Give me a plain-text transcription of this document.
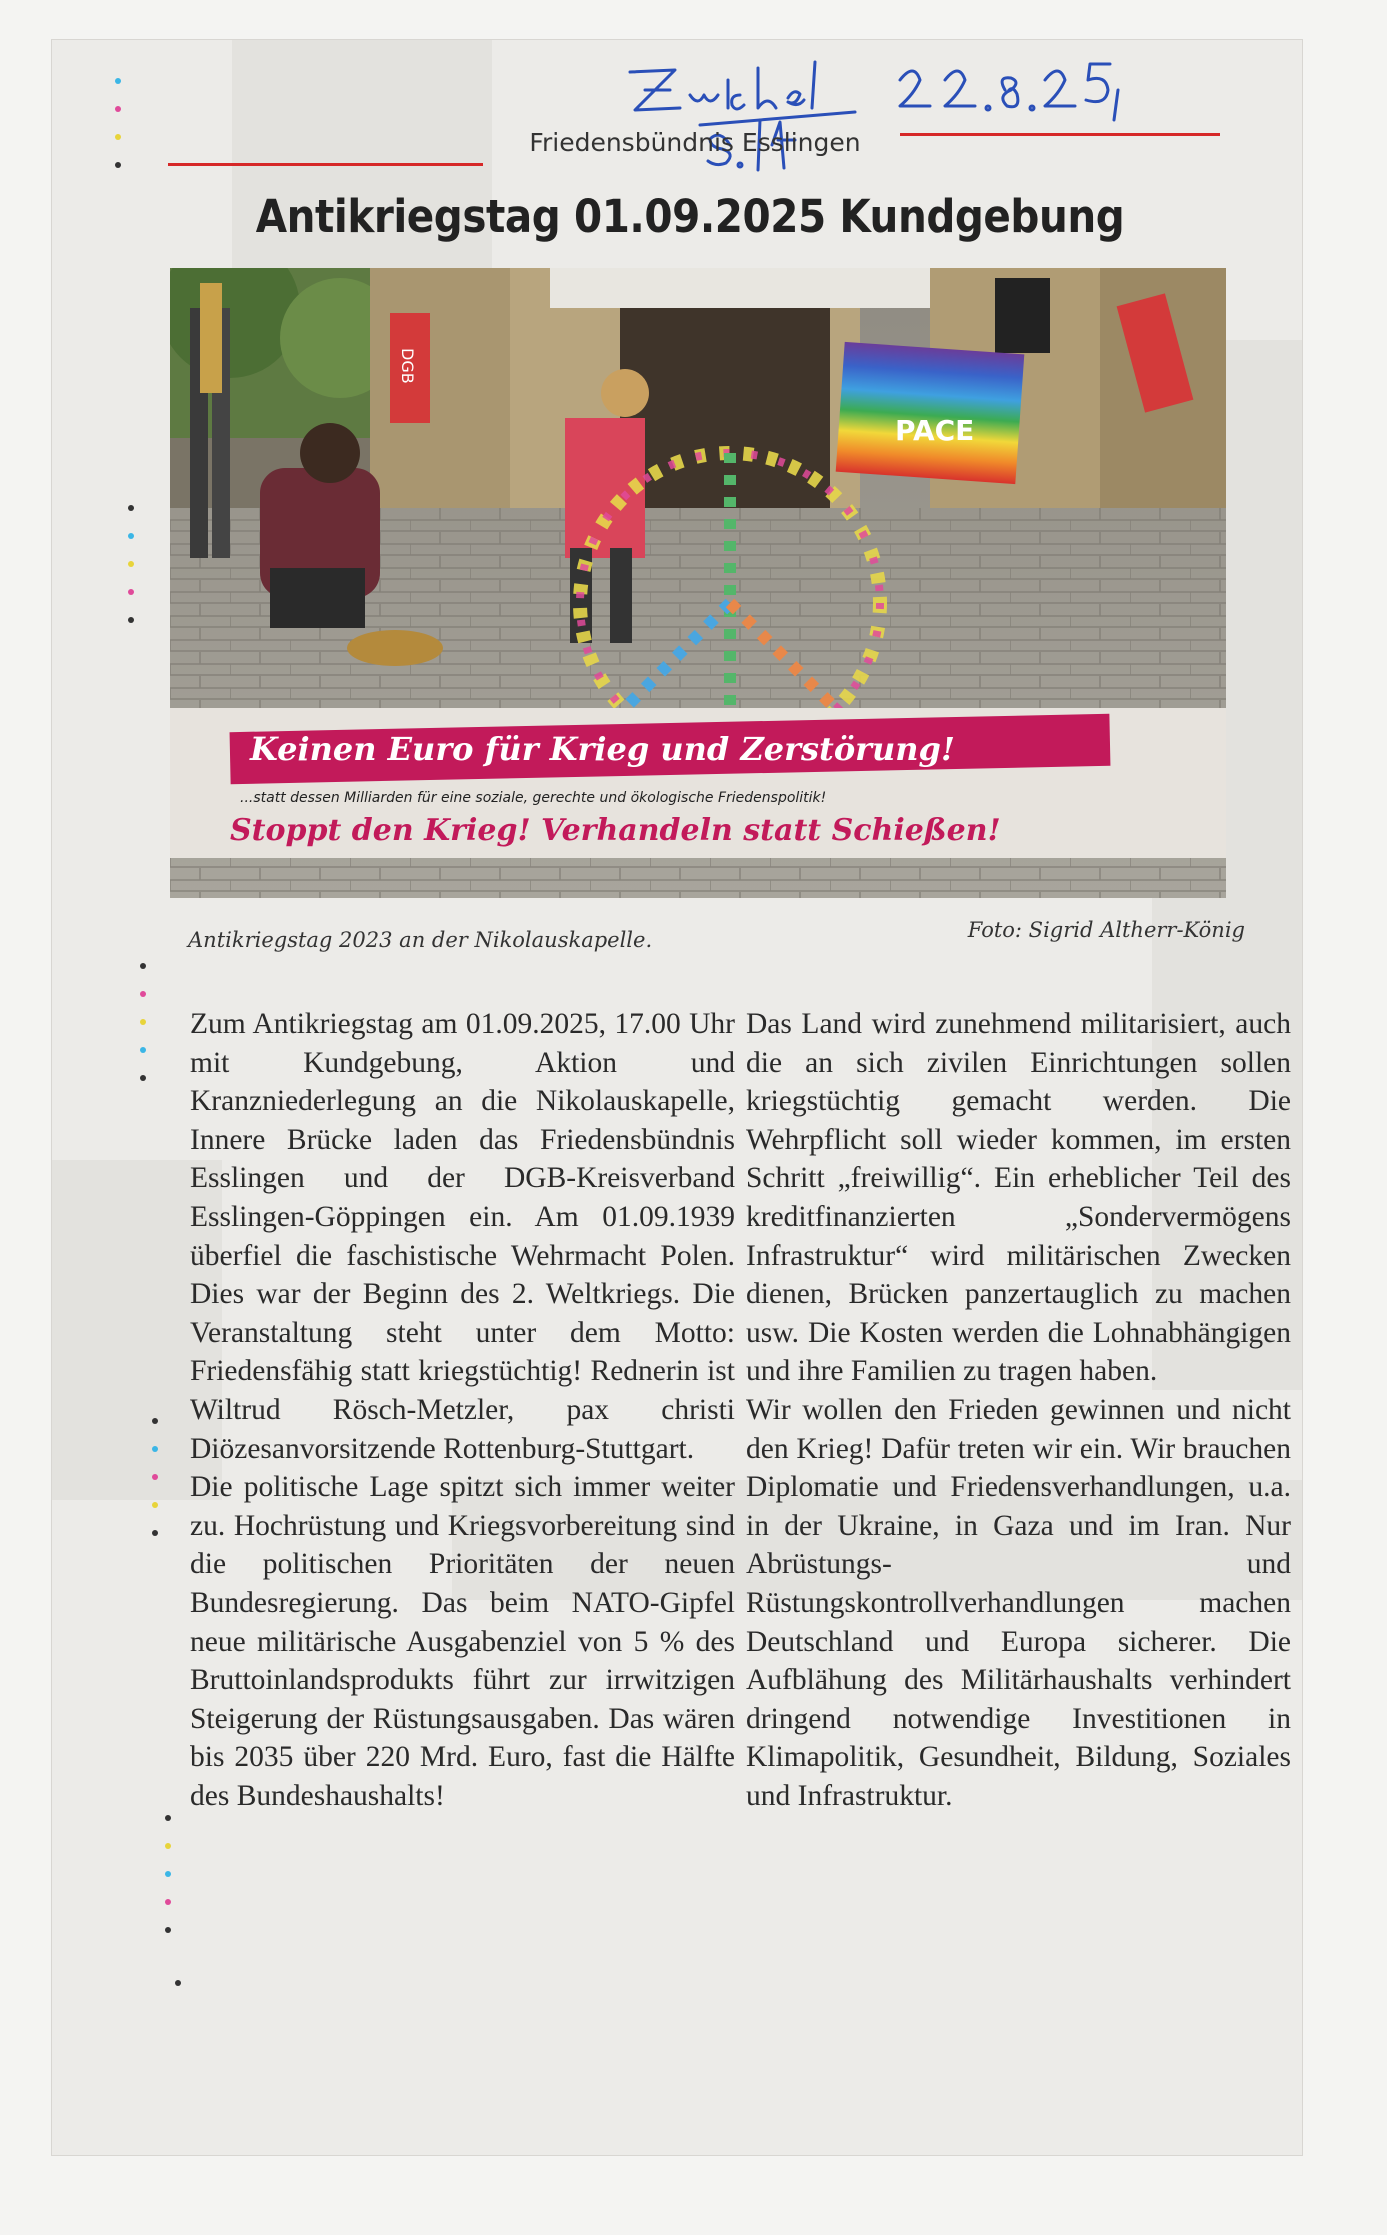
Friedensbündnis Esslingen
Antikriegstag 01.09.2025 Kundgebung
DGB
PACE
Keinen Euro für Krieg und Zerstörung!
...statt dessen Milliarden für eine soziale, gerechte und ökologische Friedenspolitik!
Stoppt den Krieg! Verhandeln statt Schießen!
Antikriegstag 2023 an der Nikolauskapelle.	Foto: Sigrid Altherr-König

Zum Antikriegstag am 01.09.2025, 17.00 Uhr mit Kundgebung, Aktion und Kranzniederlegung an die Nikolauskapelle, Innere Brücke laden das Friedensbündnis Esslingen und der DGB-Kreisverband Esslingen-Göppingen ein. Am 01.09.1939 überfiel die faschistische Wehrmacht Polen. Dies war der Beginn des 2. Weltkriegs. Die Veranstaltung steht unter dem Motto: Friedensfähig statt kriegstüchtig! Rednerin ist Wiltrud Rösch-Metzler, pax christi Diözesanvorsitzende Rottenburg-Stuttgart.

Die politische Lage spitzt sich immer weiter zu. Hochrüstung und Kriegsvorbereitung sind die politischen Prioritäten der neuen Bundesregierung. Das beim NATO-Gipfel neue militärische Ausgabenziel von 5 % des Bruttoinlandsprodukts führt zur irrwitzigen Steigerung der Rüstungsausgaben. Das wären bis 2035 über 220 Mrd. Euro, fast die Hälfte des Bundeshaushalts!

Das Land wird zunehmend militarisiert, auch die an sich zivilen Einrichtungen sollen kriegstüchtig gemacht werden. Die Wehrpflicht soll wieder kommen, im ersten Schritt „freiwillig“. Ein erheblicher Teil des kreditfinanzierten „Sondervermögens Infrastruktur“ wird militärischen Zwecken dienen, Brücken panzertauglich zu machen usw. Die Kosten werden die Lohnabhängigen und ihre Familien zu tragen haben.

Wir wollen den Frieden gewinnen und nicht den Krieg! Dafür treten wir ein. Wir brauchen Diplomatie und Friedensverhandlungen, u.a. in der Ukraine, in Gaza und im Iran. Nur Abrüstungs- und Rüstungskontrollverhandlungen machen Deutschland und Europa sicherer. Die Aufblähung des Militärhaushalts verhindert dringend notwendige Investitionen in Klimapolitik, Gesundheit, Bildung, Soziales und Infrastruktur.
